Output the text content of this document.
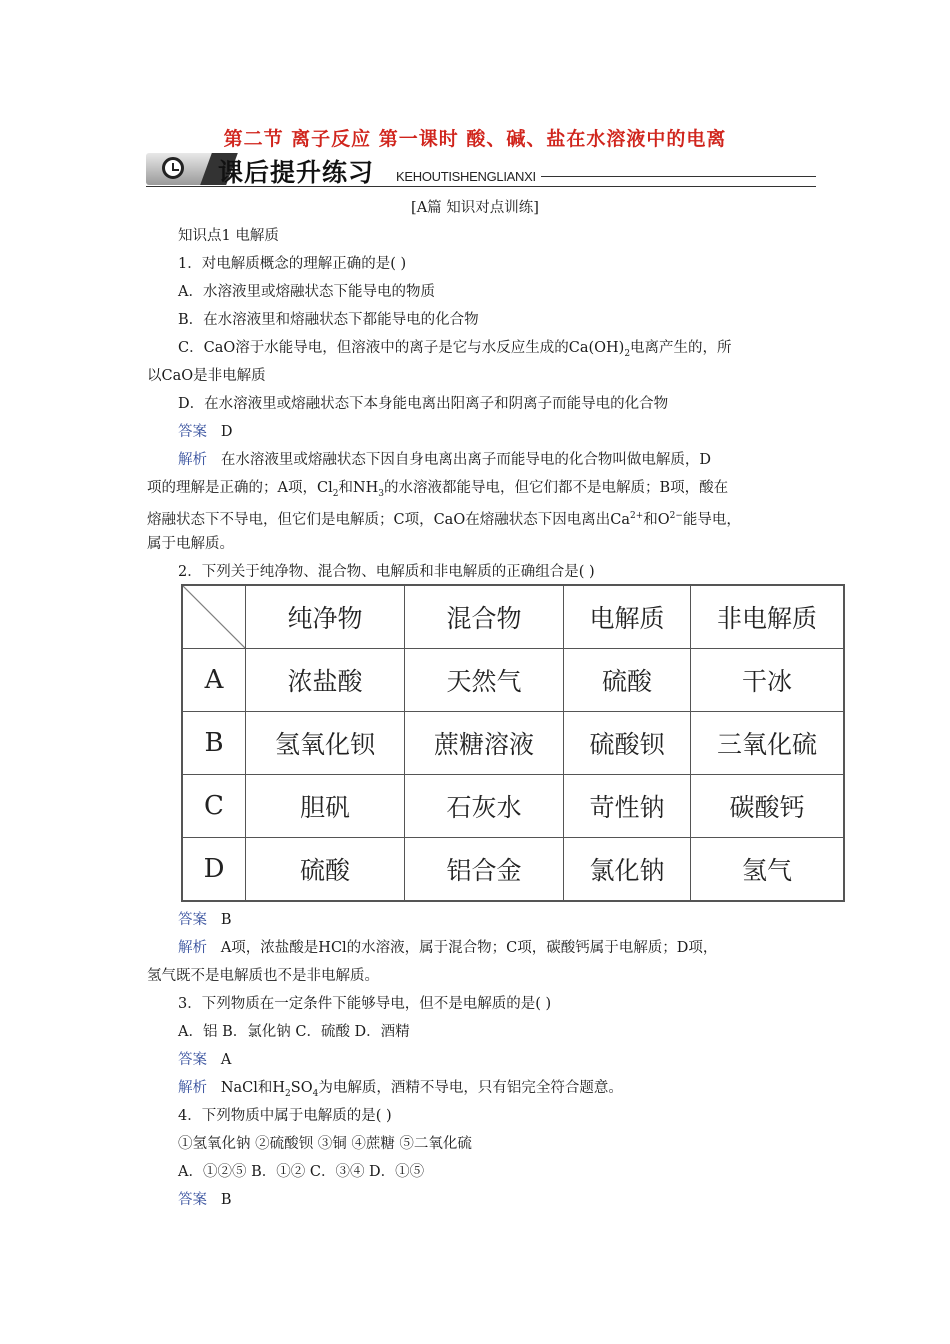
第二节 离子反应 第一课时 酸、碱、盐在水溶液中的电离
课后提升练习 KEHOUTISHENGLIANXI
[A篇 知识对点训练]
知识点1 电解质
1．对电解质概念的理解正确的是( )
A．水溶液里或熔融状态下能导电的物质
B．在水溶液里和熔融状态下都能导电的化合物
C．CaO溶于水能导电，但溶液中的离子是它与水反应生成的$Ca(OH)_2$电离产生的，所
以CaO是非电解质
D．在水溶液里或熔融状态下本身能电离出阳离子和阴离子而能导电的化合物
答案 D
解析 在水溶液里或熔融状态下因自身电离出离子而能导电的化合物叫做电解质，D
项的理解是正确的；A项，$Cl_2$和$NH_3$的水溶液都能导电，但它们都不是电解质；B项，酸在
熔融状态下不导电，但它们是电解质；C项，CaO在熔融状态下因电离出$Ca^{2+}$和$O^{2-}$能导电，
属于电解质。
2．下列关于纯净物、混合物、电解质和非电解质的正确组合是( )
	纯净物	混合物	电解质	非电解质
A	浓盐酸	天然气	硫酸	干冰
B	氢氧化钡	蔗糖溶液	硫酸钡	三氧化硫
C	胆矾	石灰水	苛性钠	碳酸钙
D	硫酸	铝合金	氯化钠	氢气
答案 B
解析 A项，浓盐酸是HCl的水溶液，属于混合物；C项，碳酸钙属于电解质；D项，
氢气既不是电解质也不是非电解质。
3．下列物质在一定条件下能够导电，但不是电解质的是( )
A．铝 B．氯化钠 C．硫酸 D．酒精
答案 A
解析 NaCl和$H_2SO_4$为电解质，酒精不导电，只有铝完全符合题意。
4．下列物质中属于电解质的是( )
①氢氧化钠 ②硫酸钡 ③铜 ④蔗糖 ⑤二氧化硫
A．①②⑤ B．①② C．③④ D．①⑤
答案 B
